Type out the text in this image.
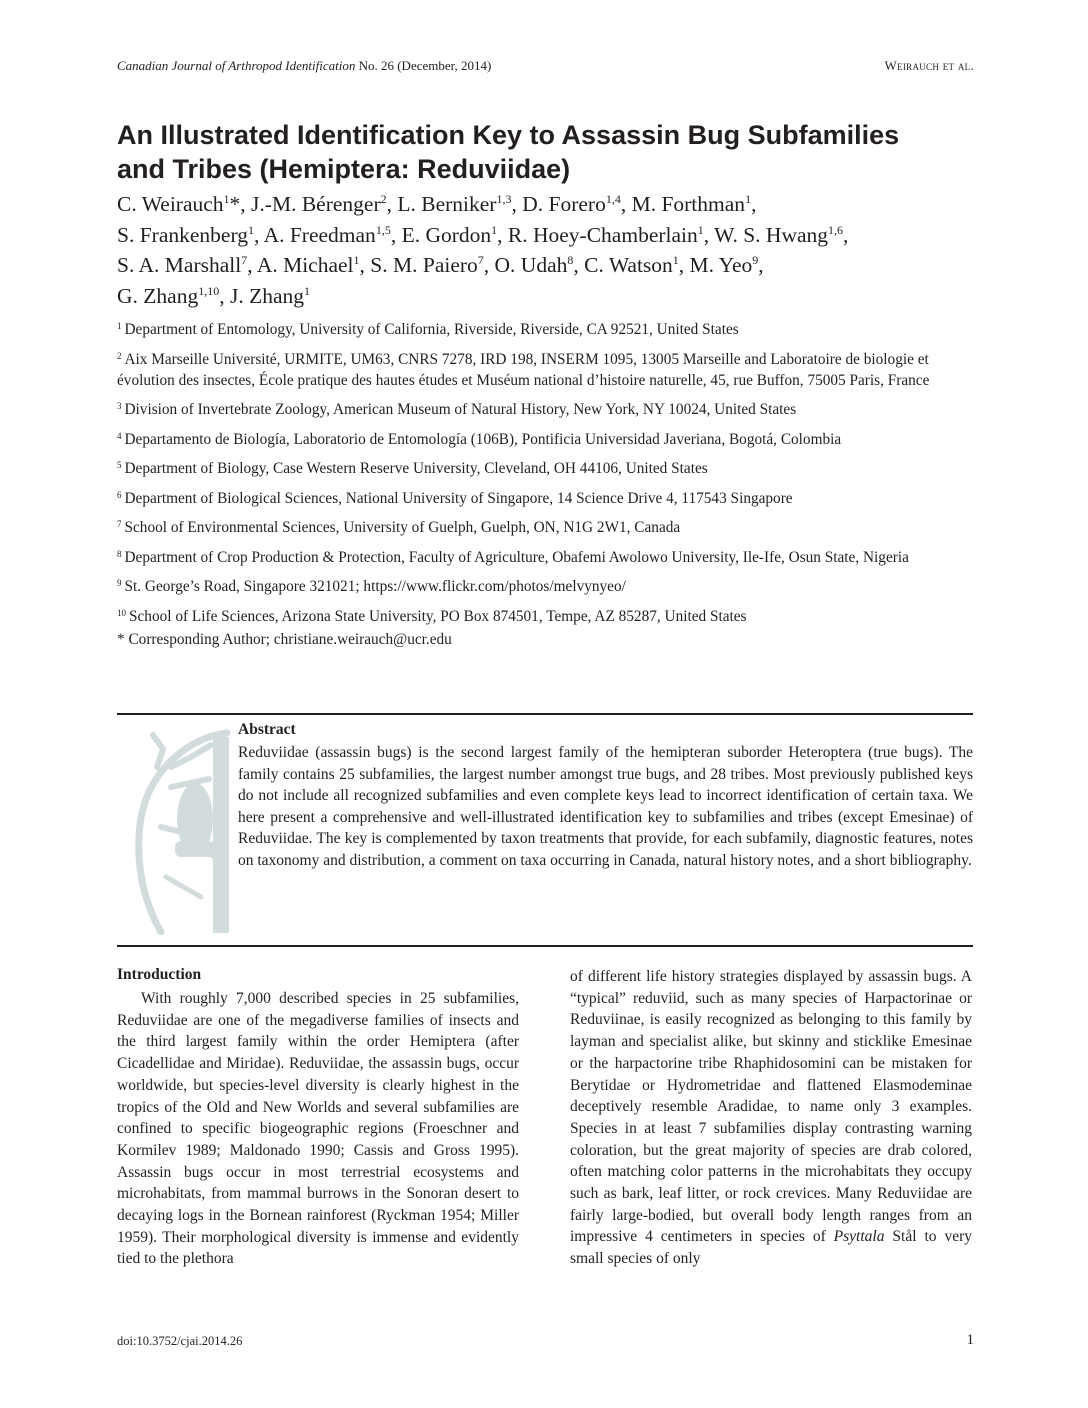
Canadian Journal of Arthropod Identification No. 26 (December, 2014)	Weirauch et al.
An Illustrated Identification Key to Assassin Bug Subfamilies
and Tribes (Hemiptera: Reduviidae)
C. Weirauch$^1$*, J.-M. Bérenger$^2$, L. Berniker$^{1,3}$, D. Forero$^{1,4}$, M. Forthman$^1$,
S. Frankenberg$^1$, A. Freedman$^{1,5}$, E. Gordon$^1$, R. Hoey-Chamberlain$^1$, W. S. Hwang$^{1,6}$,
S. A. Marshall$^7$, A. Michael$^1$, S. M. Paiero$^7$, O. Udah$^8$, C. Watson$^1$, M. Yeo$^9$,
G. Zhang$^{1,10}$, J. Zhang$^1$
$^1$ Department of Entomology, University of California, Riverside, Riverside, CA 92521, United States
$^2$ Aix Marseille Université, URMITE, UM63, CNRS 7278, IRD 198, INSERM 1095, 13005 Marseille and Laboratoire de biologie et évolution des insectes, École pratique des hautes études et Muséum national d’histoire naturelle, 45, rue Buffon, 75005 Paris, France
$^3$ Division of Invertebrate Zoology, American Museum of Natural History, New York, NY 10024, United States
$^4$ Departamento de Biología, Laboratorio de Entomología (106B), Pontificia Universidad Javeriana, Bogotá, Colombia
$^5$ Department of Biology, Case Western Reserve University, Cleveland, OH 44106, United States
$^6$ Department of Biological Sciences, National University of Singapore, 14 Science Drive 4, 117543 Singapore
$^7$ School of Environmental Sciences, University of Guelph, Guelph, ON, N1G 2W1, Canada
$^8$ Department of Crop Production & Protection, Faculty of Agriculture, Obafemi Awolowo University, Ile-Ife, Osun State, Nigeria
$^9$ St. George’s Road, Singapore 321021; https://www.flickr.com/photos/melvynyeo/
$^{10}$ School of Life Sciences, Arizona State University, PO Box 874501, Tempe, AZ 85287, United States
* Corresponding Author; christiane.weirauch@ucr.edu
Abstract
Reduviidae (assassin bugs) is the second largest family of the hemipteran suborder Heteroptera (true bugs). The family contains 25 subfamilies, the largest number amongst true bugs, and 28 tribes. Most previously published keys do not include all recognized subfamilies and even complete keys lead to incorrect identification of certain taxa. We here present a comprehensive and well-illustrated identification key to subfamilies and tribes (except Emesinae) of Reduviidae. The key is complemented by taxon treatments that provide, for each subfamily, diagnostic features, notes on taxonomy and distribution, a comment on taxa occurring in Canada, natural history notes, and a short bibliography.
Introduction
With roughly 7,000 described species in 25 subfamilies, Reduviidae are one of the megadiverse families of insects and the third largest family within the order Hemiptera (after Cicadellidae and Miridae). Reduviidae, the assassin bugs, occur worldwide, but species-level diversity is clearly highest in the tropics of the Old and New Worlds and several subfamilies are confined to specific biogeographic regions (Froeschner and Kormilev 1989; Maldonado 1990; Cassis and Gross 1995). Assassin bugs occur in most terrestrial ecosystems and microhabitats, from mammal burrows in the Sonoran desert to decaying logs in the Bornean rainforest (Ryckman 1954; Miller 1959). Their morphological diversity is immense and evidently tied to the plethora
of different life history strategies displayed by assassin bugs. A “typical” reduviid, such as many species of Harpactorinae or Reduviinae, is easily recognized as belonging to this family by layman and specialist alike, but skinny and sticklike Emesinae or the harpactorine tribe Rhaphidosomini can be mistaken for Berytidae or Hydrometridae and flattened Elasmodeminae deceptively resemble Aradidae, to name only 3 examples. Species in at least 7 subfamilies display contrasting warning coloration, but the great majority of species are drab colored, often matching color patterns in the microhabitats they occupy such as bark, leaf litter, or rock crevices. Many Reduviidae are fairly large-bodied, but overall body length ranges from an impressive 4 centimeters in species of Psyttala Stål to very small species of only
doi:10.3752/cjai.2014.26	1
